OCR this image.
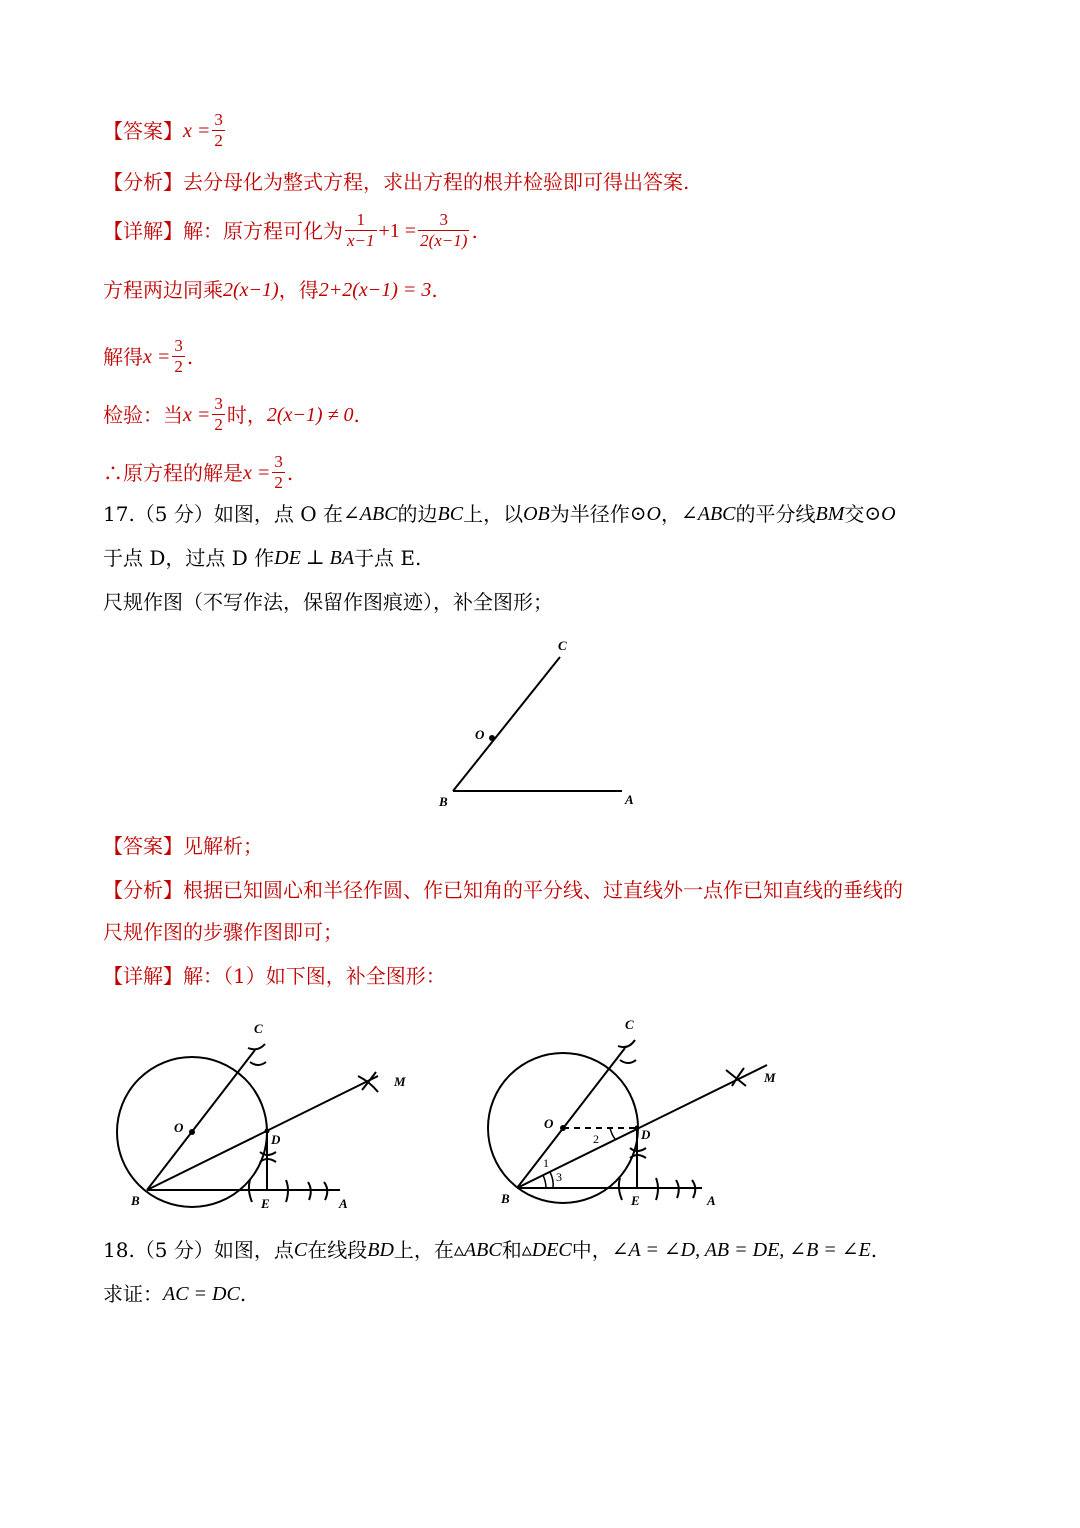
【答案】 $x = \frac{3}{2}$
【分析】 去分母化为整式方程，求出方程的根并检验即可得出答案.
【详解】 解：原方程可化为 $\frac{1}{x-1} +1 = \frac{3}{2(x-1)}$ .
方程两边同乘 2(x−1) ，得 2+2(x−1) = 3 .
解得 $x = \frac{3}{2}$ .
检验：当 $x = \frac{3}{2}$ 时， 2(x−1) ≠ 0 .
∴原方程的解是 $x = \frac{3}{2}$ .
17.（5 分）如图，点 O 在 ∠ABC 的边 BC 上，以 OB 为半径作 ⊙O ， ∠ABC 的平分线 BM 交 ⊙O
于点 D，过点 D 作 DE ⊥ BA 于点 E.
尺规作图（不写作法，保留作图痕迹），补全图形；
C
O
B	A
【答案】 见解析；
【分析】 根据已知圆心和半径作圆、作已知角的平分线、过直线外一点作已知直线的垂线的
尺规作图的步骤作图即可；
【详解】 解：（1）如下图，补全图形：
C
O
M
D
B	E	A
C
O
M
D
B	E	A
1
2
3
18.（5 分）如图，点 C 在线段 BD 上，在 ▵ABC 和 ▵DEC 中， ∠A = ∠D, AB = DE, ∠B = ∠E .
求证： AC = DC .
